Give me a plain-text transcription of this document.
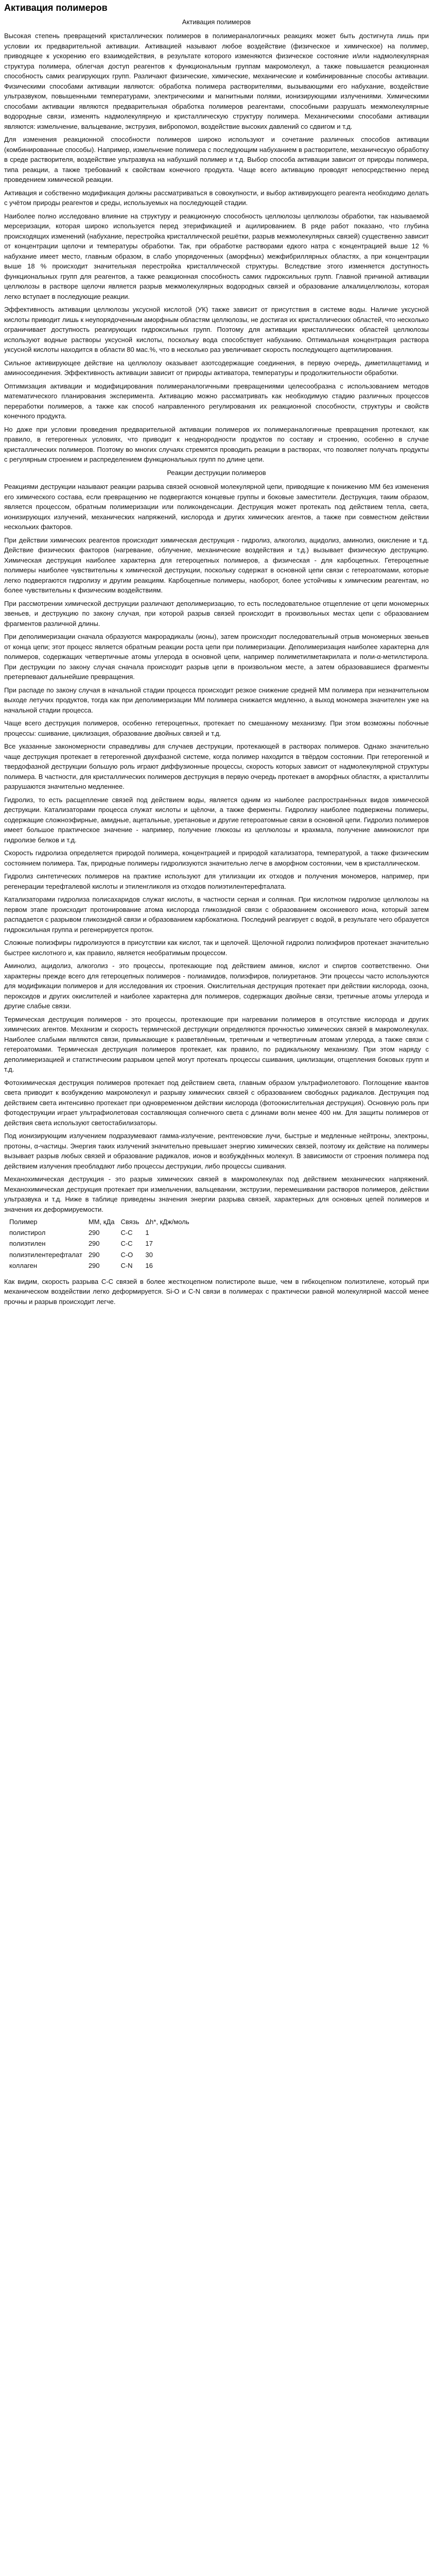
Активация полимеров
Активация полимеров

Высокая степень превращений кристаллических полимеров в полимераналогичных реакциях может быть достигнута лишь при условии их предварительной активации. Активацией называют любое воздействие (физическое и химическое) на полимер, приводящее к ускорению его взаимодействия, в результате которого изменяются физическое состояние и/или надмолекулярная структура полимера, облегчая доступ реагентов к функциональным группам макромолекул, а также повышается реакционная способность самих реагирующих групп. Различают физические, химические, механические и комбинированные способы активации. Физическими способами активации являются: обработка полимера растворителями, вызывающими его набухание, воздействие ультразвуком, повышенными температурами, электрическими и магнитными полями, ионизирующими излучениями. Химическими способами активации являются предварительная обработка полимеров реагентами, способными разрушать межмолекулярные водородные связи, изменять надмолекулярную и кристаллическую структуру полимера. Механическими способами активации являются: измельчение, вальцевание, экструзия, вибропомол, воздействие высоких давлений со сдвигом и т.д.

Для изменения реакционной способности полимеров широко используют и сочетание различных способов активации (комбинированные способы). Например, измельчение полимера с последующим набуханием в растворителе, механическую обработку в среде растворителя, воздействие ультразвука на набухший полимер и т.д. Выбор способа активации зависит от природы полимера, типа реакции, а также требований к свойствам конечного продукта. Чаще всего активацию проводят непосредственно перед проведением химической реакции.

Активация и собственно модификация должны рассматриваться в совокупности, и выбор активирующего реагента необходимо делать с учётом природы реагентов и среды, используемых на последующей стадии.

Наиболее полно исследовано влияние на структуру и реакционную способность целлюлозы целлюлозы обработки, так называемой мерсеризации, которая широко используется перед этерификацией и ацилированием. В ряде работ показано, что глубина происходящих изменений (набухание, перестройка кристаллической решётки, разрыв межмолекулярных связей) существенно зависит от концентрации щелочи и температуры обработки. Так, при обработке растворами едкого натра с концентрацией выше 12 % набухание имеет место, главным образом, в слабо упорядоченных (аморфных) межфибриллярных областях, а при концентрации выше 18 % происходит значительная перестройка кристаллической структуры. Вследствие этого изменяется доступность функциональных групп для реагентов, а также реакционная способность самих гидроксильных групп. Главной причиной активации целлюлозы в растворе щелочи является разрыв межмолекулярных водородных связей и образование алкалицеллюлозы, которая легко вступает в последующие реакции.

Эффективность активации целлюлозы уксусной кислотой (УК) также зависит от присутствия в системе воды. Наличие уксусной кислоты приводит лишь к неупорядоченным аморфным областям целлюлозы, не достигая их кристаллических областей, что несколько ограничивает доступность реагирующих гидроксильных групп. Поэтому для активации кристаллических областей целлюлозы используют водные растворы уксусной кислоты, поскольку вода способствует набуханию. Оптимальная концентрация раствора уксусной кислоты находится в области 80 мас.%, что в несколько раз увеличивает скорость последующего ацетилирования.

Сильное активирующее действие на целлюлозу оказывает азотсодержащие соединения, в первую очередь, диметилацетамид и аминосоединения. Эффективность активации зависит от природы активатора, температуры и продолжительности обработки.

Оптимизация активации и модифицирования полимераналогичными превращениями целесообразна с использованием методов математического планирования эксперимента. Активацию можно рассматривать как необходимую стадию различных процессов переработки полимеров, а также как способ направленного регулирования их реакционной способности, структуры и свойств конечного продукта.

Но даже при условии проведения предварительной активации полимеров их полимераналогичные превращения протекают, как правило, в гетерогенных условиях, что приводит к неоднородности продуктов по составу и строению, особенно в случае кристаллических полимеров. Поэтому во многих случаях стремятся проводить реакции в растворах, что позволяет получать продукты с регулярным строением и распределением функциональных групп по длине цепи.

Реакции деструкции полимеров

Реакциями деструкции называют реакции разрыва связей основной молекулярной цепи, приводящие к понижению ММ без изменения его химического состава, если превращению не подвергаются концевые группы и боковые заместители. Деструкция, таким образом, является процессом, обратным полимеризации или поликонденсации. Деструкция может протекать под действием тепла, света, ионизирующих излучений, механических напряжений, кислорода и других химических агентов, а также при совместном действии нескольких факторов.

При действии химических реагентов происходит химическая деструкция - гидролиз, алкоголиз, ацидолиз, аминолиз, окисление и т.д. Действие физических факторов (нагревание, облучение, механические воздействия и т.д.) вызывает физическую деструкцию. Химическая деструкция наиболее характерна для гетероцепных полимеров, а физическая - для карбоцепных. Гетероцепные полимеры наиболее чувствительны к химической деструкции, поскольку содержат в основной цепи связи с гетероатомами, которые легко подвергаются гидролизу и другим реакциям. Карбоцепные полимеры, наоборот, более устойчивы к химическим реагентам, но более чувствительны к физическим воздействиям.

При рассмотрении химической деструкции различают деполимеризацию, то есть последовательное отщепление от цепи мономерных звеньев, и деструкцию по закону случая, при которой разрыв связей происходит в произвольных местах цепи с образованием фрагментов различной длины.

При деполимеризации сначала образуются макрорадикалы (ионы), затем происходит последовательный отрыв мономерных звеньев от конца цепи; этот процесс является обратным реакции роста цепи при полимеризации. Деполимеризация наиболее характерна для полимеров, содержащих четвертичные атомы углерода в основной цепи, например полиметилметакрилата и поли-α-метилстирола. При деструкции по закону случая сначала происходит разрыв цепи в произвольном месте, а затем образовавшиеся фрагменты претерпевают дальнейшие превращения.

При распаде по закону случая в начальной стадии процесса происходит резкое снижение средней ММ полимера при незначительном выходе летучих продуктов, тогда как при деполимеризации ММ полимера снижается медленно, а выход мономера значителен уже на начальной стадии процесса.

Чаще всего деструкция полимеров, особенно гетероцепных, протекает по смешанному механизму. При этом возможны побочные процессы: сшивание, циклизация, образование двойных связей и т.д.

Все указанные закономерности справедливы для случаев деструкции, протекающей в растворах полимеров. Однако значительно чаще деструкция протекает в гетерогенной двухфазной системе, когда полимер находится в твёрдом состоянии. При гетерогенной и твердофазной деструкции большую роль играют диффузионные процессы, скорость которых зависит от надмолекулярной структуры полимера. В частности, для кристаллических полимеров деструкция в первую очередь протекает в аморфных областях, а кристаллиты разрушаются значительно медленнее.

Гидролиз, то есть расщепление связей под действием воды, является одним из наиболее распространённых видов химической деструкции. Катализаторами процесса служат кислоты и щёлочи, а также ферменты. Гидролизу наиболее подвержены полимеры, содержащие сложноэфирные, амидные, ацетальные, уретановые и другие гетероатомные связи в основной цепи. Гидролиз полимеров имеет большое практическое значение - например, получение глюкозы из целлюлозы и крахмала, получение аминокислот при гидролизе белков и т.д.

Скорость гидролиза определяется природой полимера, концентрацией и природой катализатора, температурой, а также физическим состоянием полимера. Так, природные полимеры гидролизуются значительно легче в аморфном состоянии, чем в кристаллическом.

Гидролиз синтетических полимеров на практике используют для утилизации их отходов и получения мономеров, например, при регенерации терефталевой кислоты и этиленгликоля из отходов полиэтилентерефталата.

Катализаторами гидролиза полисахаридов служат кислоты, в частности серная и соляная. При кислотном гидролизе целлюлозы на первом этапе происходит протонирование атома кислорода гликозидной связи с образованием оксониевого иона, который затем распадается с разрывом гликозидной связи и образованием карбокатиона. Последний реагирует с водой, в результате чего образуется гидроксильная группа и регенерируется протон.

Сложные полиэфиры гидролизуются в присутствии как кислот, так и щелочей. Щелочной гидролиз полиэфиров протекает значительно быстрее кислотного и, как правило, является необратимым процессом.

Аминолиз, ацидолиз, алкоголиз - это процессы, протекающие под действием аминов, кислот и спиртов соответственно. Они характерны прежде всего для гетероцепных полимеров - полиамидов, полиэфиров, полиуретанов. Эти процессы часто используются для модификации полимеров и для исследования их строения. Окислительная деструкция протекает при действии кислорода, озона, пероксидов и других окислителей и наиболее характерна для полимеров, содержащих двойные связи, третичные атомы углерода и другие слабые связи.

Термическая деструкция полимеров - это процессы, протекающие при нагревании полимеров в отсутствие кислорода и других химических агентов. Механизм и скорость термической деструкции определяются прочностью химических связей в макромолекулах. Наиболее слабыми являются связи, примыкающие к разветвлённым, третичным и четвертичным атомам углерода, а также связи с гетероатомами. Термическая деструкция полимеров протекает, как правило, по радикальному механизму. При этом наряду с деполимеризацией и статистическим разрывом цепей могут протекать процессы сшивания, циклизации, отщепления боковых групп и т.д.

Фотохимическая деструкция полимеров протекает под действием света, главным образом ультрафиолетового. Поглощение квантов света приводит к возбуждению макромолекул и разрыву химических связей с образованием свободных радикалов. Деструкция под действием света интенсивно протекает при одновременном действии кислорода (фотоокислительная деструкция). Основную роль при фотодеструкции играет ультрафиолетовая составляющая солнечного света с длинами волн менее 400 нм. Для защиты полимеров от действия света используют светостабилизаторы.

Под ионизирующим излучением подразумевают гамма-излучение, рентгеновские лучи, быстрые и медленные нейтроны, электроны, протоны, α-частицы. Энергия таких излучений значительно превышает энергию химических связей, поэтому их действие на полимеры вызывает разрыв любых связей и образование радикалов, ионов и возбуждённых молекул. В зависимости от строения полимера под действием излучения преобладают либо процессы деструкции, либо процессы сшивания.

Механохимическая деструкция - это разрыв химических связей в макромолекулах под действием механических напряжений. Механохимическая деструкция протекает при измельчении, вальцевании, экструзии, перемешивании растворов полимеров, действии ультразвука и т.д. Ниже в таблице приведены значения энергии разрыва связей, характерных для основных цепей полимеров и значения их деформируемости.

Полимер	ММ, кДа	Связь	Δh*, кДж/моль
полистирол	290	C-C	1
полиэтилен	290	C-C	17
полиэтилентерефталат	290	C-O	30
коллаген	290	C-N	16

Как видим, скорость разрыва С-С связей в более жесткоцепном полистироле выше, чем в гибкоцепном полиэтилене, который при механическом воздействии легко деформируется. Si-O и C-N связи в полимерах с практически равной молекулярной массой менее прочны и разрыв происходит легче.
